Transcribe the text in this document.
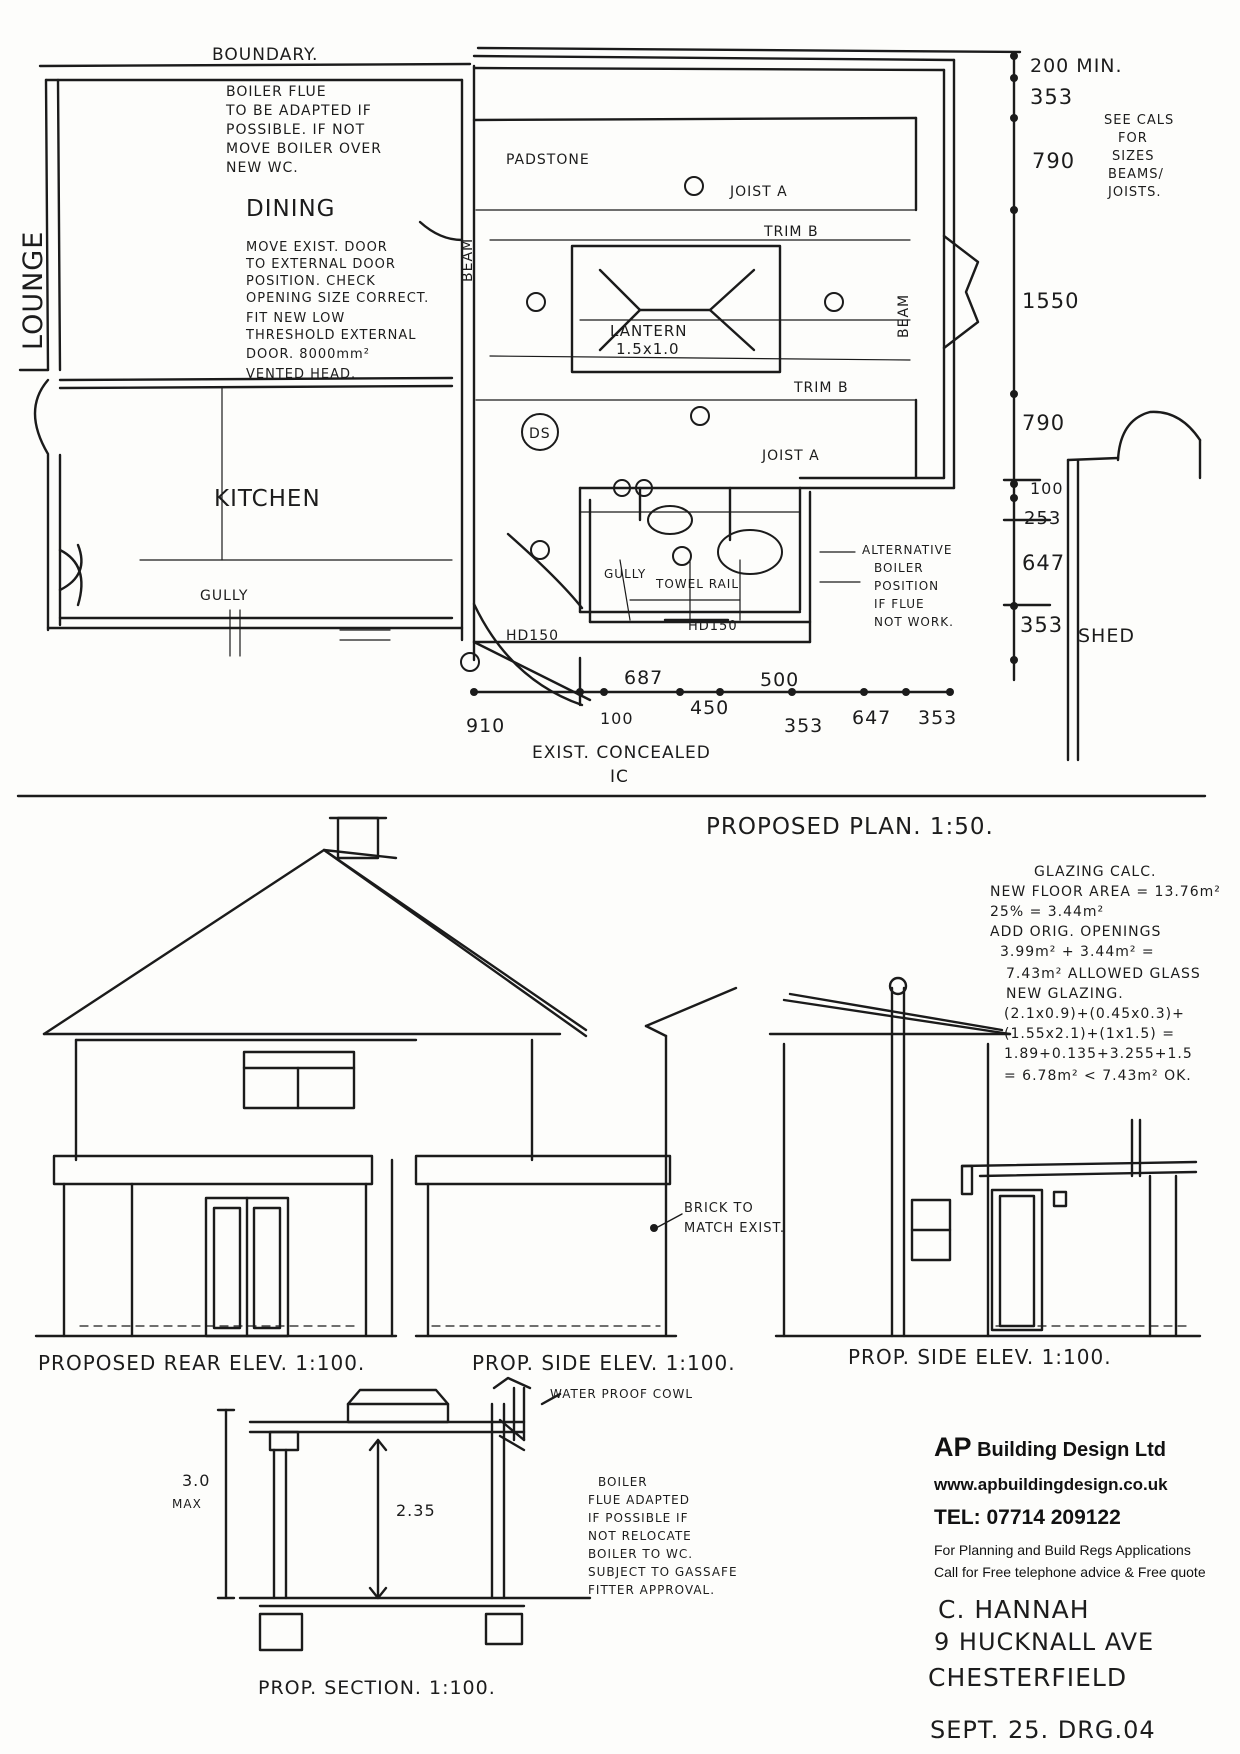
BOUNDARY.	200 MIN.
LOUNGE
BOILER FLUE TO BE ADAPTED IF POSSIBLE. IF NOT MOVE BOILER OVER NEW WC.	PADSTONE
DINING
MOVE EXIST. DOOR TO EXTERNAL DOOR POSITION. CHECK OPENING SIZE CORRECT. FIT NEW LOW THRESHOLD EXTERNAL DOOR. 8000mm² VENTED HEAD.
BEAM
BEAM
JOIST A
JOIST A
TRIM B
TRIM B
LANTERN 1.5x1.0
DS
KITCHEN
GULLY
GULLY
TOWEL RAIL
HD150
HD150
ALTERNATIVE BOILER POSITION IF FLUE NOT WORK.
SEE CALS FOR SIZES BEAMS/ JOISTS.
SHED
EXIST. CONCEALED IC
PROPOSED PLAN. 1:50.
353
790
1550
790
100
253
647
353
910	100
687
450
500
353 647 353
GLAZING CALC. NEW FLOOR AREA = 13.76m² 25% = 3.44m² ADD ORIG. OPENINGS 3.99m² + 3.44m² = 7.43m² ALLOWED GLASS NEW GLAZING. (2.1x0.9)+(0.45x0.3)+ (1.55x2.1)+(1x1.5) = 1.89+0.135+3.255+1.5 = 6.78m² < 7.43m² OK.
BRICK TO MATCH EXIST.
PROPOSED REAR ELEV. 1:100.	PROP. SIDE ELEV. 1:100.	PROP. SIDE ELEV. 1:100.
3.0 MAX	2.35
WATER PROOF COWL
BOILER FLUE ADAPTED IF POSSIBLE IF NOT RELOCATE BOILER TO WC. SUBJECT TO GASSAFE FITTER APPROVAL.
PROP. SECTION. 1:100.
AP Building Design Ltd
www.apbuildingdesign.co.uk
TEL: 07714 209122
For Planning and Build Regs Applications
Call for Free telephone advice & Free quote
C. HANNAH
9 HUCKNALL AVE
CHESTERFIELD
SEPT. 25. DRG.04
